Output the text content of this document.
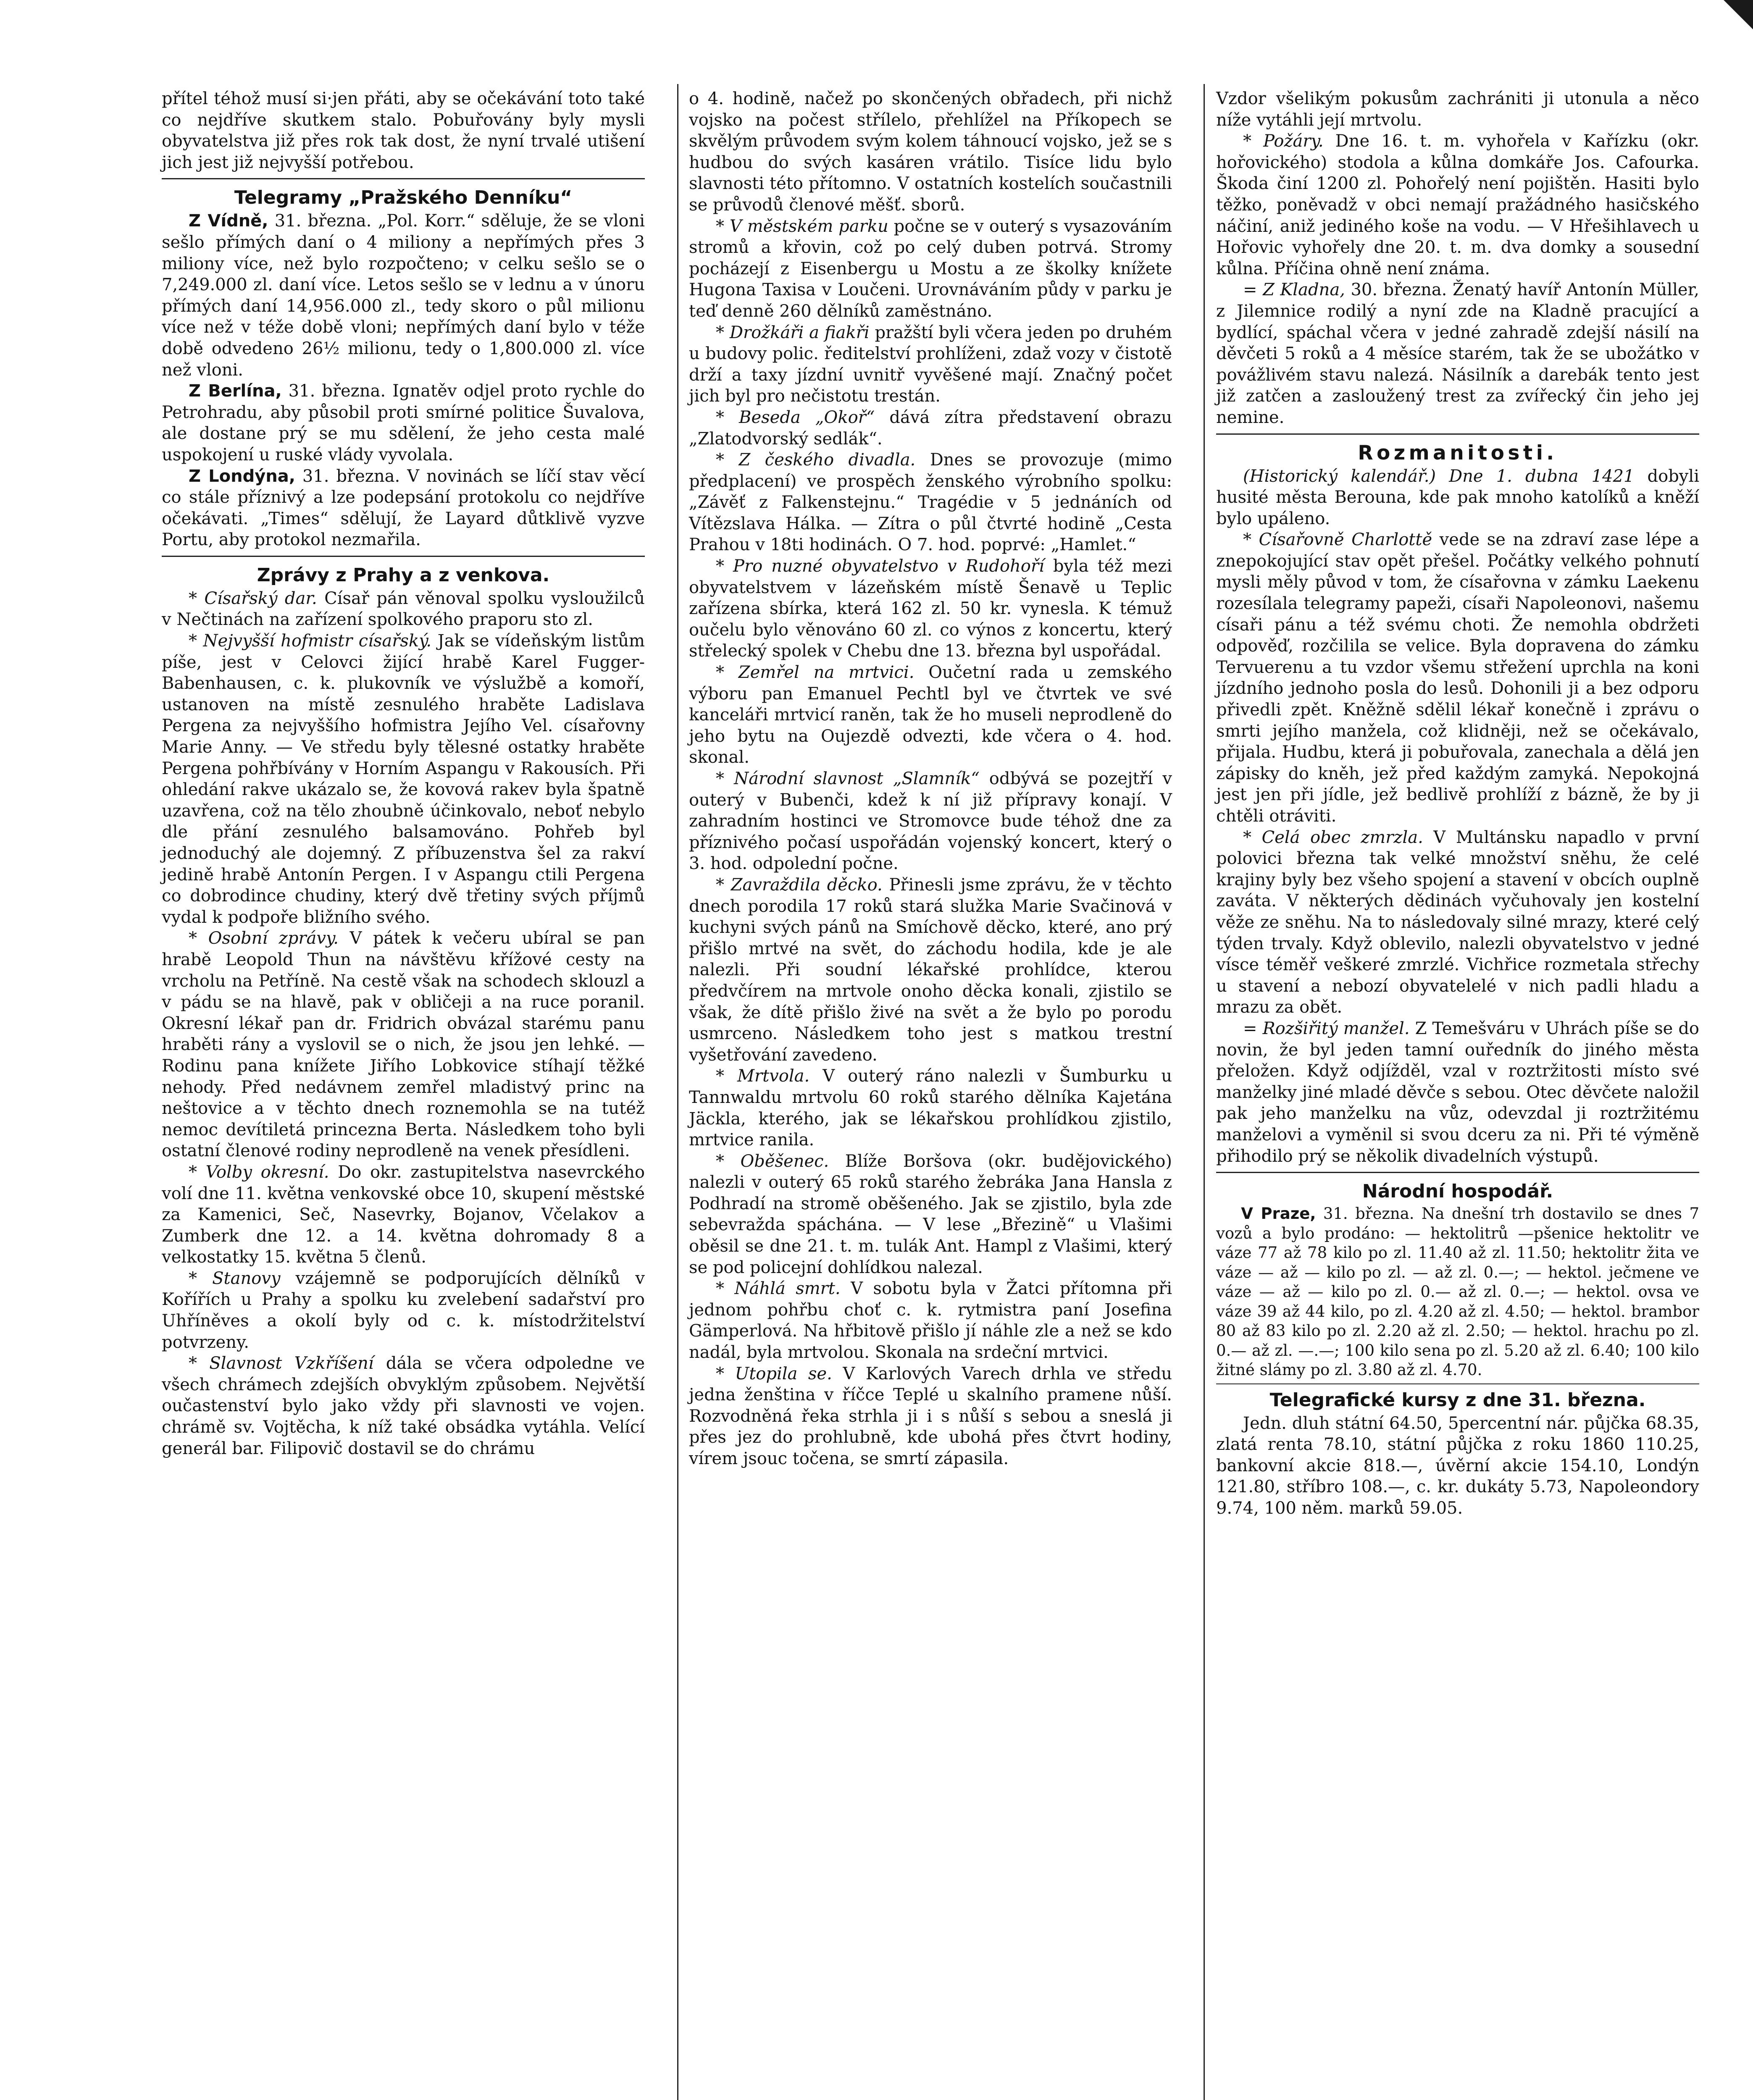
přítel téhož musí si·jen přáti, aby se očekávání toto také co nejdříve skutkem stalo. Pobuřovány byly mysli obyvatelstva již přes rok tak dost, že nyní trvalé utišení jich jest již nejvyšší potřebou.

Telegramy „Pražského Denníku“

Z Vídně, 31. března. „Pol. Korr.“ sděluje, že se vloni sešlo přímých daní o 4 miliony a nepřímých přes 3 miliony více, než bylo rozpočteno; v celku sešlo se o 7,249.000 zl. daní více. Letos sešlo se v lednu a v únoru přímých daní 14,956.000 zl., tedy skoro o půl milionu více než v téže době vloni; nepřímých daní bylo v téže době odvedeno 26½ milionu, tedy o 1,800.000 zl. více než vloni.

Z Berlína, 31. března. Ignatěv odjel proto rychle do Petrohradu, aby působil proti smírné politice Šuvalova, ale dostane prý se mu sdělení, že jeho cesta malé uspokojení u ruské vlády vyvolala.

Z Londýna, 31. března. V novinách se líčí stav věcí co stále příznivý a lze podepsání protokolu co nejdříve očekávati. „Times“ sdělují, že Layard důtklivě vyzve Portu, aby protokol nezmařila.

Zprávy z Prahy a z venkova.

* Císařský dar. Císař pán věnoval spolku vysloužilců v Nečtinách na zařízení spolkového praporu sto zl.

* Nejvyšší hofmistr císařský. Jak se vídeňským listům píše, jest v Celovci žijící hrabě Karel Fugger-Babenhausen, c. k. plukovník ve výslužbě a komoří, ustanoven na místě zesnulého hraběte Ladislava Pergena za nejvyššího hofmistra Jejího Vel. císařovny Marie Anny. — Ve středu byly tělesné ostatky hraběte Pergena pohřbívány v Horním Aspangu v Rakousích. Při ohledání rakve ukázalo se, že kovová rakev byla špatně uzavřena, což na tělo zhoubně účinkovalo, neboť nebylo dle přání zesnulého balsamováno. Pohřeb byl jednoduchý ale dojemný. Z příbuzenstva šel za rakví jedině hrabě Antonín Pergen. I v Aspangu ctili Pergena co dobrodince chudiny, který dvě třetiny svých příjmů vydal k podpoře bližního svého.

* Osobní zprávy. V pátek k večeru ubíral se pan hrabě Leopold Thun na návštěvu křížové cesty na vrcholu na Petříně. Na cestě však na schodech sklouzl a v pádu se na hlavě, pak v obličeji a na ruce poranil. Okresní lékař pan dr. Fridrich obvázal starému panu hraběti rány a vyslovil se o nich, že jsou jen lehké. — Rodinu pana knížete Jiřího Lobkovice stíhají těžké nehody. Před nedávnem zemřel mladistvý princ na neštovice a v těchto dnech roznemohla se na tutéž nemoc devítiletá princezna Berta. Následkem toho byli ostatní členové rodiny neprodleně na venek přesídleni.

* Volby okresní. Do okr. zastupitelstva nasevrckého volí dne 11. května venkovské obce 10, skupení městské za Kamenici, Seč, Nasevrky, Bojanov, Včelakov a Zumberk dne 12. a 14. května dohromady 8 a velkostatky 15. května 5 členů.

* Stanovy vzájemně se podporujících dělníků v Kořířích u Prahy a spolku ku zvelebení sadařství pro Uhříněves a okolí byly od c. k. místodržitelství potvrzeny.

* Slavnost Vzkříšení dála se včera odpoledne ve všech chrámech zdejších obvyklým způsobem. Největší oučastenství bylo jako vždy při slavnosti ve vojen. chrámě sv. Vojtěcha, k níž také obsádka vytáhla. Velící generál bar. Filipovič dostavil se do chrámu

o 4. hodině, načež po skončených obřadech, při nichž vojsko na počest střílelo, přehlížel na Příkopech se skvělým průvodem svým kolem táhnoucí vojsko, jež se s hudbou do svých kasáren vrátilo. Tisíce lidu bylo slavnosti této přítomno. V ostatních kostelích součastnili se průvodů členové měšť. sborů.

* V městském parku počne se v outerý s vysazováním stromů a křovin, což po celý duben potrvá. Stromy pocházejí z Eisenbergu u Mostu a ze školky knížete Hugona Taxisa v Loučeni. Urovnáváním půdy v parku je teď denně 260 dělníků zaměstnáno.

* Drožkáři a fiakři pražští byli včera jeden po druhém u budovy polic. ředitelství prohlíženi, zdaž vozy v čistotě drží a taxy jízdní uvnitř vyvěšené mají. Značný počet jich byl pro nečistotu trestán.

* Beseda „Okoř“ dává zítra představení obrazu „Zlatodvorský sedlák“.

* Z českého divadla. Dnes se provozuje (mimo předplacení) ve prospěch ženského výrobního spolku: „Závěť z Falkenstejnu.“ Tragédie v 5 jednáních od Vítězslava Hálka. — Zítra o půl čtvrté hodině „Cesta Prahou v 18ti hodinách. O 7. hod. poprvé: „Hamlet.“

* Pro nuzné obyvatelstvo v Rudohoří byla též mezi obyvatelstvem v lázeňském místě Šenavě u Teplic zařízena sbírka, která 162 zl. 50 kr. vynesla. K témuž oučelu bylo věnováno 60 zl. co výnos z koncertu, který střelecký spolek v Chebu dne 13. března byl uspořádal.

* Zemřel na mrtvici. Oučetní rada u zemského výboru pan Emanuel Pechtl byl ve čtvrtek ve své kanceláři mrtvicí raněn, tak že ho museli neprodleně do jeho bytu na Oujezdě odvezti, kde včera o 4. hod. skonal.

* Národní slavnost „Slamník“ odbývá se pozejtří v outerý v Bubenči, kdež k ní již přípravy konají. V zahradním hostinci ve Stromovce bude téhož dne za příznivého počasí uspořádán vojenský koncert, který o 3. hod. odpolední počne.

* Zavraždila děcko. Přinesli jsme zprávu, že v těchto dnech porodila 17 roků stará služka Marie Svačinová v kuchyni svých pánů na Smíchově děcko, které, ano prý přišlo mrtvé na svět, do záchodu hodila, kde je ale nalezli. Při soudní lékařské prohlídce, kterou předvčírem na mrtvole onoho děcka konali, zjistilo se však, že dítě přišlo živé na svět a že bylo po porodu usmrceno. Následkem toho jest s matkou trestní vyšetřování zavedeno.

* Mrtvola. V outerý ráno nalezli v Šumburku u Tannwaldu mrtvolu 60 roků starého dělníka Kajetána Jäckla, kterého, jak se lékařskou prohlídkou zjistilo, mrtvice ranila.

* Oběšenec. Blíže Boršova (okr. budějovického) nalezli v outerý 65 roků starého žebráka Jana Hansla z Podhradí na stromě oběšeného. Jak se zjistilo, byla zde sebevražda spáchána. — V lese „Březině“ u Vlašimi oběsil se dne 21. t. m. tulák Ant. Hampl z Vlašimi, který se pod policejní dohlídkou nalezal.

* Náhlá smrt. V sobotu byla v Žatci přítomna při jednom pohřbu choť c. k. rytmistra paní Josefina Gämperlová. Na hřbitově přišlo jí náhle zle a než se kdo nadál, byla mrtvolou. Skonala na srdeční mrtvici.

* Utopila se. V Karlových Varech drhla ve středu jedna ženština v říčce Teplé u skalního pramene nůší. Rozvodněná řeka strhla ji i s nůší s sebou a sneslá ji přes jez do prohlubně, kde ubohá přes čtvrt hodiny, vírem jsouc točena, se smrtí zápasila.

Vzdor všelikým pokusům zachrániti ji utonula a něco níže vytáhli její mrtvolu.

* Požáry. Dne 16. t. m. vyhořela v Kařízku (okr. hořovického) stodola a kůlna domkáře Jos. Cafourka. Škoda činí 1200 zl. Pohořelý není pojištěn. Hasiti bylo těžko, poněvadž v obci nemají pražádného hasičského náčiní, aniž jediného koše na vodu. — V Hřešihlavech u Hořovic vyhořely dne 20. t. m. dva domky a sousední kůlna. Příčina ohně není známa.

= Z Kladna, 30. března. Ženatý havíř Antonín Müller, z Jilemnice rodilý a nyní zde na Kladně pracující a bydlící, spáchal včera v jedné zahradě zdejší násilí na děvčeti 5 roků a 4 měsíce starém, tak že se ubožátko v povážlivém stavu nalezá. Násilník a darebák tento jest již zatčen a zasloužený trest za zvířecký čin jeho jej nemine.

Rozmanitosti.

(Historický kalendář.) Dne 1. dubna 1421 dobyli husité města Berouna, kde pak mnoho katolíků a kněží bylo upáleno.

* Císařovně Charlottě vede se na zdraví zase lépe a znepokojující stav opět přešel. Počátky velkého pohnutí mysli měly původ v tom, že císařovna v zámku Laekenu rozesílala telegramy papeži, císaři Napoleonovi, našemu císaři pánu a též svému choti. Že nemohla obdržeti odpověď, rozčilila se velice. Byla dopravena do zámku Tervuerenu a tu vzdor všemu střežení uprchla na koni jízdního jednoho posla do lesů. Dohonili ji a bez odporu přivedli zpět. Kněžně sdělil lékař konečně i zprávu o smrti jejího manžela, což klidněji, než se očekávalo, přijala. Hudbu, která ji pobuřovala, zanechala a dělá jen zápisky do kněh, jež před každým zamyká. Nepokojná jest jen při jídle, jež bedlivě prohlíží z bázně, že by ji chtěli otráviti.

* Celá obec zmrzla. V Multánsku napadlo v první polovici března tak velké množství sněhu, že celé krajiny byly bez všeho spojení a stavení v obcích ouplně zaváta. V některých dědinách vyčuhovaly jen kostelní věže ze sněhu. Na to následovaly silné mrazy, které celý týden trvaly. Když oblevilo, nalezli obyvatelstvo v jedné vísce téměř veškeré zmrzlé. Vichřice rozmetala střechy u stavení a nebozí obyvatelelé v nich padli hladu a mrazu za obět.

= Rozšiřitý manžel. Z Temešváru v Uhrách píše se do novin, že byl jeden tamní ouředník do jiného města přeložen. Když odjížděl, vzal v roztržitosti místo své manželky jiné mladé děvče s sebou. Otec děvčete naložil pak jeho manželku na vůz, odevzdal ji roztržitému manželovi a vyměnil si svou dceru za ni. Při té výměně přihodilo prý se několik divadelních výstupů.

Národní hospodář.

V Praze, 31. března. Na dnešní trh dostavilo se dnes 7 vozů a bylo prodáno: — hektolitrů —pšenice hektolitr ve váze 77 až 78 kilo po zl. 11.40 až zl. 11.50; hektolitr žita ve váze — až — kilo po zl. — až zl. 0.—; — hektol. ječmene ve váze — až — kilo po zl. 0.— až zl. 0.—; — hektol. ovsa ve váze 39 až 44 kilo, po zl. 4.20 až zl. 4.50; — hektol. brambor 80 až 83 kilo po zl. 2.20 až zl. 2.50; — hektol. hrachu po zl. 0.— až zl. —.—; 100 kilo sena po zl. 5.20 až zl. 6.40; 100 kilo žitné slámy po zl. 3.80 až zl. 4.70.

Telegrafické kursy z dne 31. března.

Jedn. dluh státní 64.50, 5percentní nár. půjčka 68.35, zlatá renta 78.10, státní půjčka z roku 1860 110.25, bankovní akcie 818.—, úvěrní akcie 154.10, Londýn 121.80, stříbro 108.—, c. kr. dukáty 5.73, Napoleondory 9.74, 100 něm. marků 59.05.
